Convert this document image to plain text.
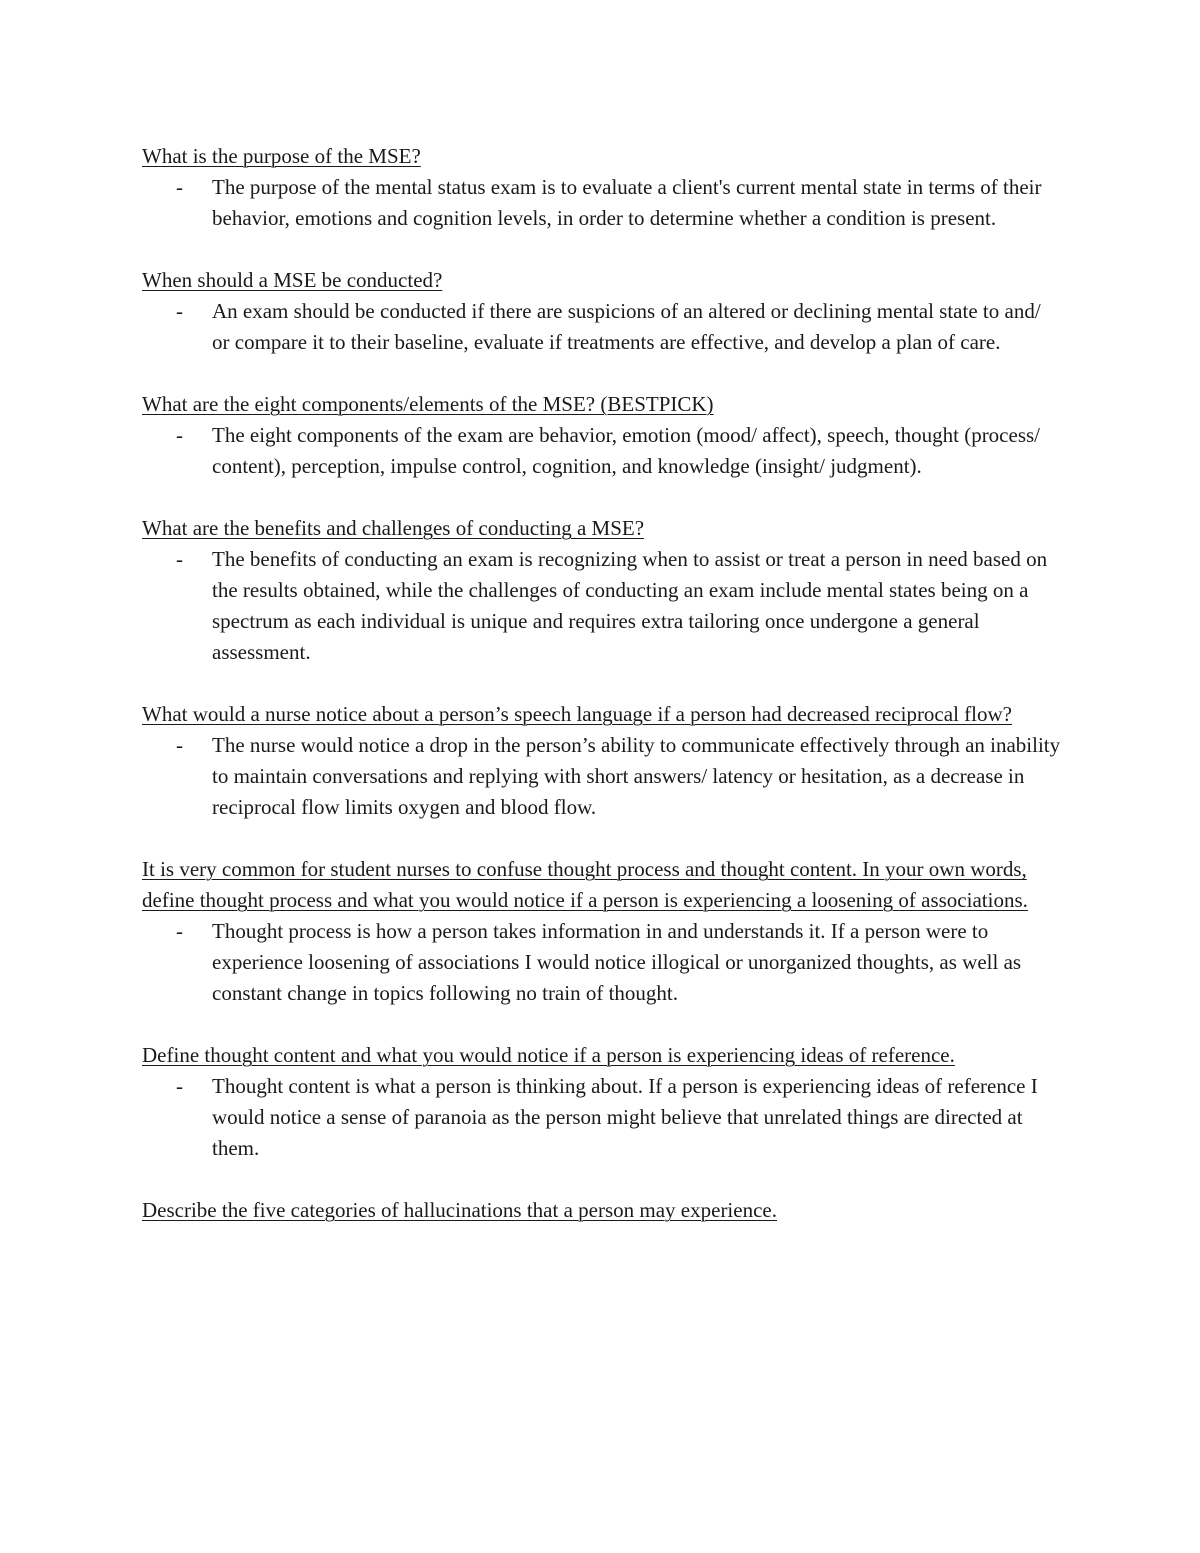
What is the purpose of the MSE?

- The purpose of the mental status exam is to evaluate a client's current mental state in terms of their behavior, emotions and cognition levels, in order to determine whether a condition is present.

When should a MSE be conducted?

- An exam should be conducted if there are suspicions of an altered or declining mental state to and/ or compare it to their baseline, evaluate if treatments are effective, and develop a plan of care.

What are the eight components/elements of the MSE? (BESTPICK)

- The eight components of the exam are behavior, emotion (mood/ affect), speech, thought (process/ content), perception, impulse control, cognition, and knowledge (insight/ judgment).

What are the benefits and challenges of conducting a MSE?

- The benefits of conducting an exam is recognizing when to assist or treat a person in need based on the results obtained, while the challenges of conducting an exam include mental states being on a spectrum as each individual is unique and requires extra tailoring once undergone a general assessment.

What would a nurse notice about a person’s speech language if a person had decreased reciprocal flow?

- The nurse would notice a drop in the person’s ability to communicate effectively through an inability to maintain conversations and replying with short answers/ latency or hesitation, as a decrease in reciprocal flow limits oxygen and blood flow.

It is very common for student nurses to confuse thought process and thought content. In your own words, define thought process and what you would notice if a person is experiencing a loosening of associations.

- Thought process is how a person takes information in and understands it. If a person were to experience loosening of associations I would notice illogical or unorganized thoughts, as well as constant change in topics following no train of thought.

Define thought content and what you would notice if a person is experiencing ideas of reference.

- Thought content is what a person is thinking about. If a person is experiencing ideas of reference I would notice a sense of paranoia as the person might believe that unrelated things are directed at them.

Describe the five categories of hallucinations that a person may experience.
